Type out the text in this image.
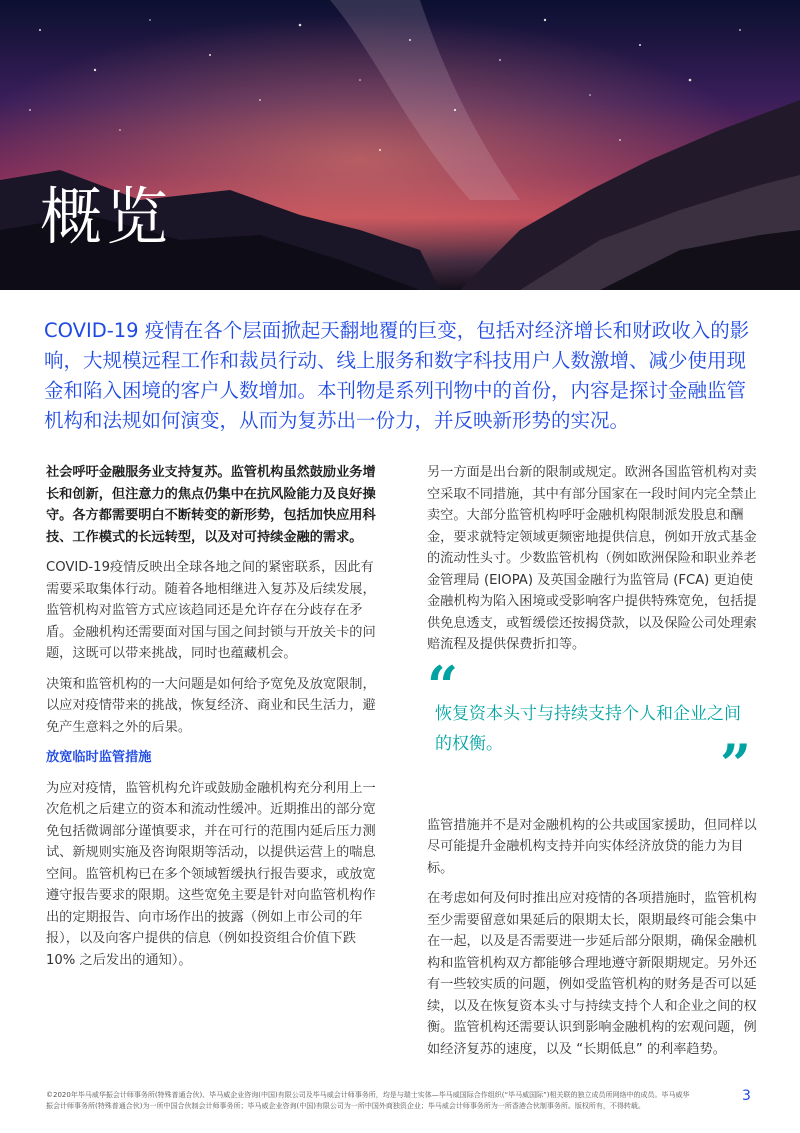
概览
COVID-19 疫情在各个层面掀起天翻地覆的巨变，包括对经济增长和财政收入的影响，大规模远程工作和裁员行动、线上服务和数字科技用户人数激增、减少使用现金和陷入困境的客户人数增加。本刊物是系列刊物中的首份，内容是探讨金融监管机构和法规如何演变，从而为复苏出一份力，并反映新形势的实况。

社会呼吁金融服务业支持复苏。监管机构虽然鼓励业务增长和创新，但注意力的焦点仍集中在抗风险能力及良好操守。各方都需要明白不断转变的新形势，包括加快应用科技、工作模式的长远转型，以及对可持续金融的需求。

COVID-19疫情反映出全球各地之间的紧密联系，因此有需要采取集体行动。随着各地相继进入复苏及后续发展，监管机构对监管方式应该趋同还是允许存在分歧存在矛盾。金融机构还需要面对国与国之间封锁与开放关卡的问题，这既可以带来挑战，同时也蕴藏机会。

决策和监管机构的一大问题是如何给予宽免及放宽限制，以应对疫情带来的挑战，恢复经济、商业和民生活力，避免产生意料之外的后果。

放宽临时监管措施

为应对疫情，监管机构允许或鼓励金融机构充分利用上一次危机之后建立的资本和流动性缓冲。近期推出的部分宽免包括微调部分谨慎要求，并在可行的范围内延后压力测试、新规则实施及咨询限期等活动，以提供运营上的喘息空间。监管机构已在多个领域暂缓执行报告要求，或放宽遵守报告要求的限期。这些宽免主要是针对向监管机构作出的定期报告、向市场作出的披露（例如上市公司的年报），以及向客户提供的信息（例如投资组合价值下跌10% 之后发出的通知）。

另一方面是出台新的限制或规定。欧洲各国监管机构对卖空采取不同措施，其中有部分国家在一段时间内完全禁止卖空。大部分监管机构呼吁金融机构限制派发股息和酬金，要求就特定领域更频密地提供信息，例如开放式基金的流动性头寸。少数监管机构（例如欧洲保险和职业养老金管理局 (EIOPA) 及英国金融行为监管局 (FCA) 更迫使金融机构为陷入困境或受影响客户提供特殊宽免，包括提供免息透支，或暂缓偿还按揭贷款，以及保险公司处理索赔流程及提供保费折扣等。

“
恢复资本头寸与持续支持个人和企业之间的权衡。	”

监管措施并不是对金融机构的公共或国家援助，但同样以尽可能提升金融机构支持并向实体经济放贷的能力为目标。

在考虑如何及何时推出应对疫情的各项措施时，监管机构至少需要留意如果延后的限期太长，限期最终可能会集中在一起，以及是否需要进一步延后部分限期，确保金融机构和监管机构双方都能够合理地遵守新限期规定。另外还有一些较实质的问题，例如受监管机构的财务是否可以延续，以及在恢复资本头寸与持续支持个人和企业之间的权衡。监管机构还需要认识到影响金融机构的宏观问题，例如经济复苏的速度，以及 “长期低息” 的利率趋势。

©2020年毕马威华振会计师事务所(特殊普通合伙)、毕马威企业咨询(中国)有限公司及毕马威会计师事务所，均是与瑞士实体—毕马威国际合作组织(“毕马威国际”)相关联的独立成员所网络中的成员。毕马威华振会计师事务所(特殊普通合伙)为一所中国合伙制会计师事务所；毕马威企业咨询(中国)有限公司为一所中国外商独资企业；毕马威会计师事务所为一所香港合伙制事务所。版权所有，不得转载。
3
